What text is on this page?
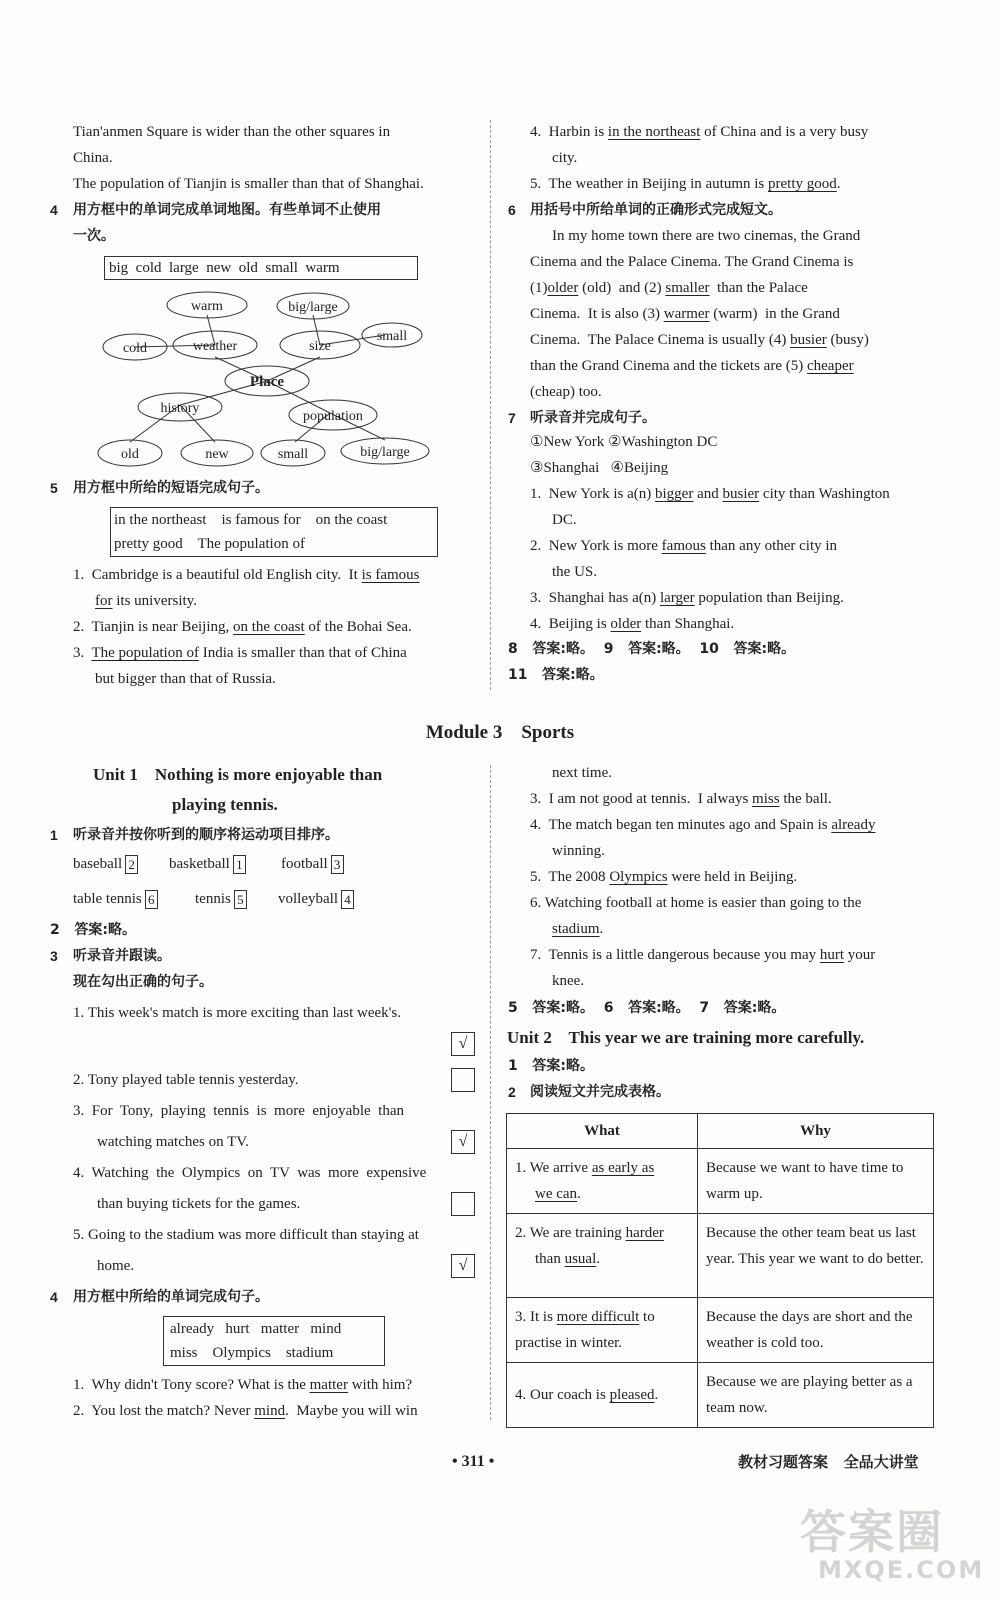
Tian'anmen Square is wider than the other squares in
China.
The population of Tianjin is smaller than that of Shanghai.
4 用方框中的单词完成单词地图。有些单词不止使用
一次。
big  cold  large  new  old  small  warm
warm	big/large
cold	weather	size
small
Place
history
population
old	new	small	big/large
5 用方框中所给的短语完成句子。
in the northeast    is famous for    on the coast
pretty good    The population of
1.  Cambridge is a beautiful old English city.  It is famous
for its university.
2.  Tianjin is near Beijing, on the coast of the Bohai Sea.
3.  The population of India is smaller than that of China
but bigger than that of Russia.
4.  Harbin is in the northeast of China and is a very busy
city.
5.  The weather in Beijing in autumn is pretty good.
6 用括号中所给单词的正确形式完成短文。
In my home town there are two cinemas, the Grand
Cinema and the Palace Cinema. The Grand Cinema is
(1)older (old)  and (2) smaller  than the Palace
Cinema.  It is also (3) warmer (warm)  in the Grand
Cinema.  The Palace Cinema is usually (4) busier (busy)
than the Grand Cinema and the tickets are (5) cheaper
(cheap) too.
7 听录音并完成句子。
①New York ②Washington DC
③Shanghai   ④Beijing
1.  New York is a(n) bigger and busier city than Washington
DC.
2.  New York is more famous than any other city in
the US.
3.  Shanghai has a(n) larger population than Beijing.
4.  Beijing is older than Shanghai.
8   答案:略。  9   答案:略。  10   答案:略。
11   答案:略。
Module 3    Sports
Unit 1    Nothing is more enjoyable than
playing tennis.
1 听录音并按你听到的顺序将运动项目排序。
baseball 2 basketball 1	football 3
table tennis 6	tennis 5 volleyball 4
2   答案:略。
3 听录音并跟读。
现在勾出正确的句子。
1. This week's match is more exciting than last week's.
√
2. Tony played table tennis yesterday.
3.  For  Tony,  playing  tennis  is  more  enjoyable  than
watching matches on TV.	√
4.  Watching  the  Olympics  on  TV  was  more  expensive
than buying tickets for the games.
5. Going to the stadium was more difficult than staying at
home.	√
4 用方框中所给的单词完成句子。
already   hurt   matter   mind
miss    Olympics    stadium
1.  Why didn't Tony score? What is the matter with him?
2.  You lost the match? Never mind.  Maybe you will win
next time.
3.  I am not good at tennis.  I always miss the ball.
4.  The match began ten minutes ago and Spain is already
winning.
5.  The 2008 Olympics were held in Beijing.
6. Watching football at home is easier than going to the
stadium.
7.  Tennis is a little dangerous because you may hurt your
knee.
5   答案:略。  6   答案:略。  7   答案:略。
Unit 2    This year we are training more carefully.
1   答案:略。
2 阅读短文并完成表格。
What	Why
1. We arrive as early as
we can.	Because we want to have time to warm up.
2. We are training harder
than usual.	Because the other team beat us last year. This year we want to do better.
3. It is more difficult to practise in winter.	Because the days are short and the weather is cold too.
4. Our coach is pleased.	Because we are playing better as a team now.
• 311 •	教材习题答案   全品大讲堂
答案圈
MXQE.COM
